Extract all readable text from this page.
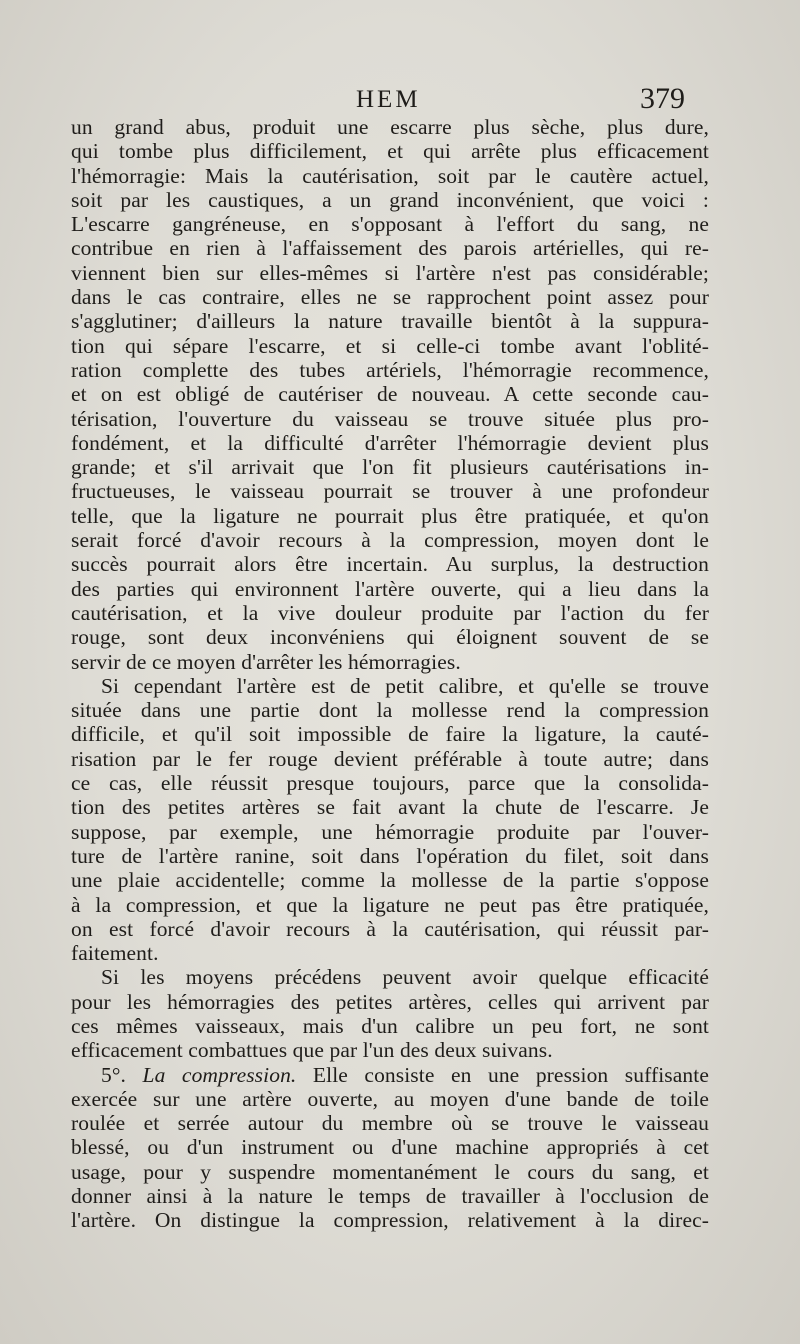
HEM	379
un grand abus, produit une escarre plus sèche, plus dure,
qui tombe plus difficilement, et qui arrête plus efficacement
l'hémorragie: Mais la cautérisation, soit par le cautère actuel,
soit par les caustiques, a un grand inconvénient, que voici :
L'escarre gangréneuse, en s'opposant à l'effort du sang, ne
contribue en rien à l'affaissement des parois artérielles, qui re-
viennent bien sur elles-mêmes si l'artère n'est pas considérable;
dans le cas contraire, elles ne se rapprochent point assez pour
s'agglutiner; d'ailleurs la nature travaille bientôt à la suppura-
tion qui sépare l'escarre, et si celle-ci tombe avant l'oblité-
ration complette des tubes artériels, l'hémorragie recommence,
et on est obligé de cautériser de nouveau. A cette seconde cau-
térisation, l'ouverture du vaisseau se trouve située plus pro-
fondément, et la difficulté d'arrêter l'hémorragie devient plus
grande; et s'il arrivait que l'on fit plusieurs cautérisations in-
fructueuses, le vaisseau pourrait se trouver à une profondeur
telle, que la ligature ne pourrait plus être pratiquée, et qu'on
serait forcé d'avoir recours à la compression, moyen dont le
succès pourrait alors être incertain. Au surplus, la destruction
des parties qui environnent l'artère ouverte, qui a lieu dans la
cautérisation, et la vive douleur produite par l'action du fer
rouge, sont deux inconvéniens qui éloignent souvent de se
servir de ce moyen d'arrêter les hémorragies.
Si cependant l'artère est de petit calibre, et qu'elle se trouve
située dans une partie dont la mollesse rend la compression
difficile, et qu'il soit impossible de faire la ligature, la cauté-
risation par le fer rouge devient préférable à toute autre; dans
ce cas, elle réussit presque toujours, parce que la consolida-
tion des petites artères se fait avant la chute de l'escarre. Je
suppose, par exemple, une hémorragie produite par l'ouver-
ture de l'artère ranine, soit dans l'opération du filet, soit dans
une plaie accidentelle; comme la mollesse de la partie s'oppose
à la compression, et que la ligature ne peut pas être pratiquée,
on est forcé d'avoir recours à la cautérisation, qui réussit par-
faitement.
Si les moyens précédens peuvent avoir quelque efficacité
pour les hémorragies des petites artères, celles qui arrivent par
ces mêmes vaisseaux, mais d'un calibre un peu fort, ne sont
efficacement combattues que par l'un des deux suivans.
5°. La compression. Elle consiste en une pression suffisante
exercée sur une artère ouverte, au moyen d'une bande de toile
roulée et serrée autour du membre où se trouve le vaisseau
blessé, ou d'un instrument ou d'une machine appropriés à cet
usage, pour y suspendre momentanément le cours du sang, et
donner ainsi à la nature le temps de travailler à l'occlusion de
l'artère. On distingue la compression, relativement à la direc-
